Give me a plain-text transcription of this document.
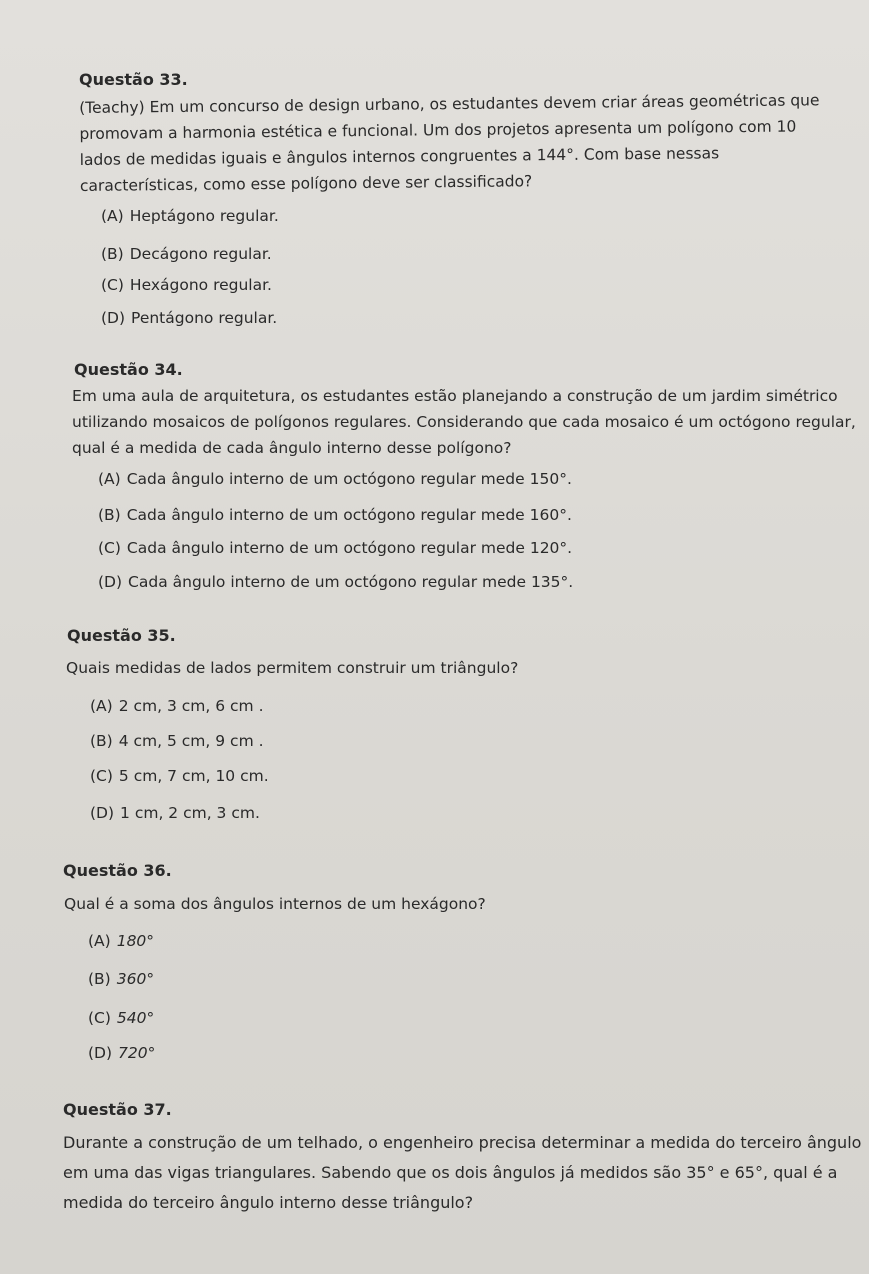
Questão 33.

(Teachy) Em um concurso de design urbano, os estudantes devem criar áreas geométricas que promovam a harmonia estética e funcional. Um dos projetos apresenta um polígono com 10 lados de medidas iguais e ângulos internos congruentes a 144°. Com base nessas características, como esse polígono deve ser classificado?

(A) Heptágono regular.

(B) Decágono regular.

(C) Hexágono regular.

(D) Pentágono regular.

Questão 34.

Em uma aula de arquitetura, os estudantes estão planejando a construção de um jardim simétrico utilizando mosaicos de polígonos regulares. Considerando que cada mosaico é um octógono regular, qual é a medida de cada ângulo interno desse polígono?

(A) Cada ângulo interno de um octógono regular mede 150°.

(B) Cada ângulo interno de um octógono regular mede 160°.

(C) Cada ângulo interno de um octógono regular mede 120°.

(D) Cada ângulo interno de um octógono regular mede 135°.

Questão 35.

Quais medidas de lados permitem construir um triângulo?

(A) 2 cm, 3 cm, 6 cm .

(B) 4 cm, 5 cm, 9 cm .

(C) 5 cm, 7 cm, 10 cm.

(D) 1 cm, 2 cm, 3 cm.

Questão 36.

Qual é a soma dos ângulos internos de um hexágono?

(A) 180°

(B) 360°

(C) 540°

(D) 720°

Questão 37.

Durante a construção de um telhado, o engenheiro precisa determinar a medida do terceiro ângulo em uma das vigas triangulares. Sabendo que os dois ângulos já medidos são 35° e 65°, qual é a medida do terceiro ângulo interno desse triângulo?
